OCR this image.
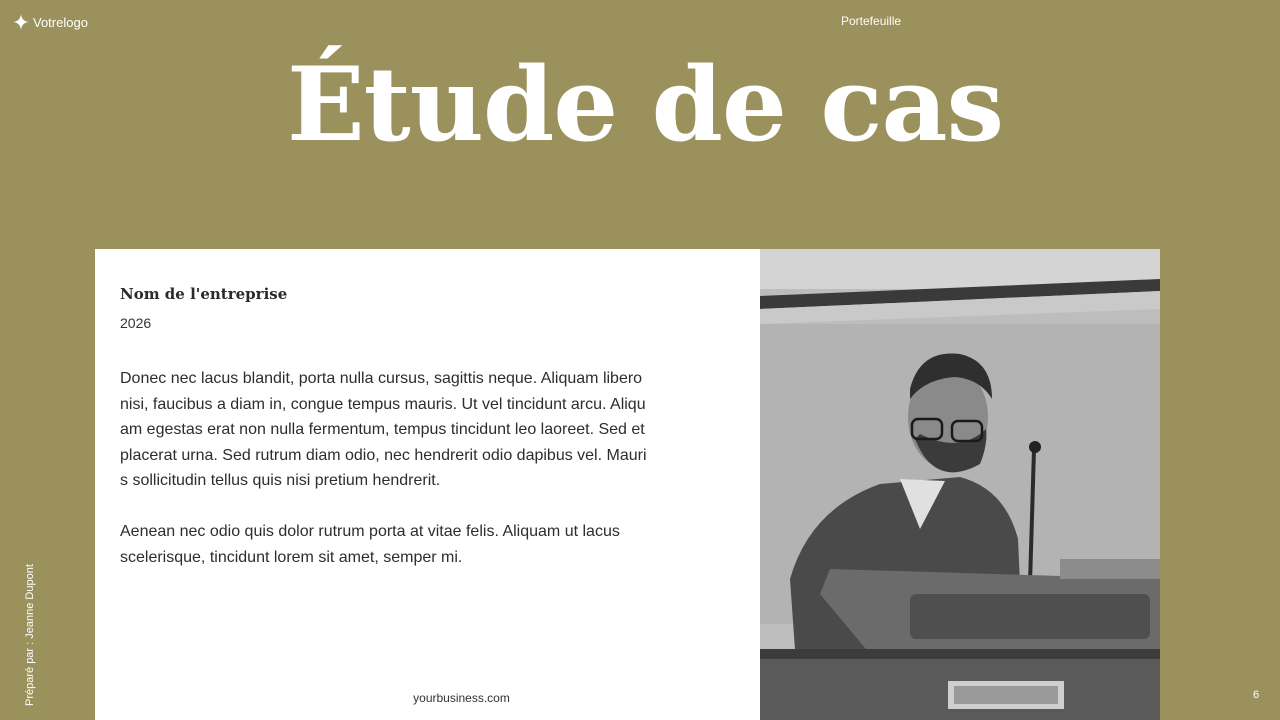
Votrelogo	Portefeuille
Étude de cas
Nom de l'entreprise
2026

Donec nec lacus blandit, porta nulla cursus, sagittis neque. Aliquam libero nisi, faucibus a diam in, congue tempus mauris. Ut vel tincidunt arcu. Aliquam egestas erat non nulla fermentum, tempus tincidunt leo laoreet. Sed et placerat urna. Sed rutrum diam odio, nec hendrerit odio dapibus vel. Mauris sollicitudin tellus quis nisi pretium hendrerit.

Aenean nec odio quis dolor rutrum porta at vitae felis. Aliquam ut lacus scelerisque, tincidunt lorem sit amet, semper mi.

yourbusiness.com
Préparé par : Jeanne Dupont	6
